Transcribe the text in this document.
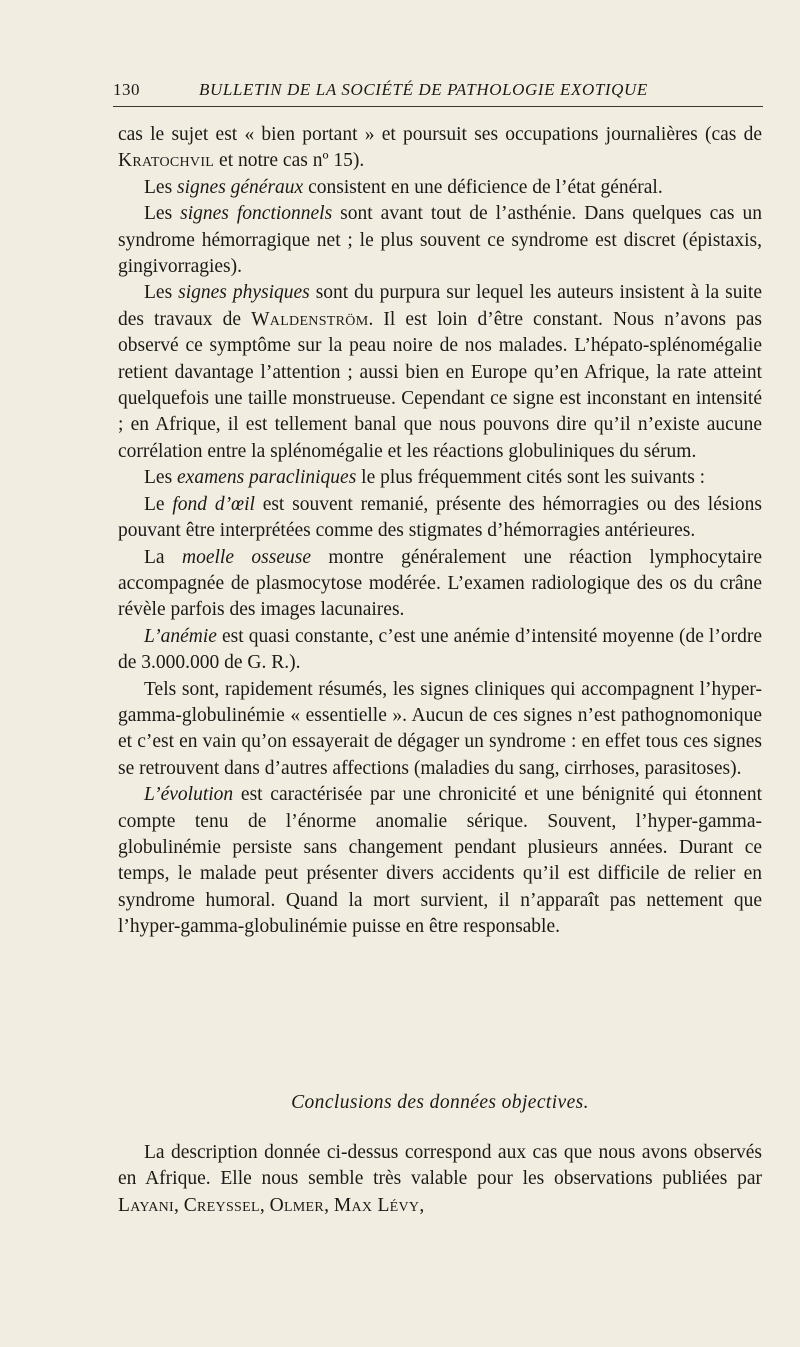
130	BULLETIN DE LA SOCIÉTÉ DE PATHOLOGIE EXOTIQUE

cas le sujet est « bien portant » et poursuit ses occupations journalières (cas de Kratochvil et notre cas nº 15).

Les signes généraux consistent en une déficience de l’état général.

Les signes fonctionnels sont avant tout de l’asthénie. Dans quelques cas un syndrome hémorragique net ; le plus souvent ce syndrome est discret (épistaxis, gingivorragies).

Les signes physiques sont du purpura sur lequel les auteurs insistent à la suite des travaux de Waldenström. Il est loin d’être constant. Nous n’avons pas observé ce symptôme sur la peau noire de nos malades. L’hépato-splénomégalie retient davantage l’attention ; aussi bien en Europe qu’en Afrique, la rate atteint quelquefois une taille monstrueuse. Cependant ce signe est inconstant en intensité ; en Afrique, il est tellement banal que nous pouvons dire qu’il n’existe aucune corrélation entre la splénomégalie et les réactions globuliniques du sérum.

Les examens paracliniques le plus fréquemment cités sont les suivants :

Le fond d’œil est souvent remanié, présente des hémorragies ou des lésions pouvant être interprétées comme des stigmates d’hémorragies antérieures.

La moelle osseuse montre généralement une réaction lymphocytaire accompagnée de plasmocytose modérée. L’examen radiologique des os du crâne révèle parfois des images lacunaires.

L’anémie est quasi constante, c’est une anémie d’intensité moyenne (de l’ordre de 3.000.000 de G. R.).

Tels sont, rapidement résumés, les signes cliniques qui accompagnent l’hyper-gamma-globulinémie « essentielle ». Aucun de ces signes n’est pathognomonique et c’est en vain qu’on essayerait de dégager un syndrome : en effet tous ces signes se retrouvent dans d’autres affections (maladies du sang, cirrhoses, parasitoses).

L’évolution est caractérisée par une chronicité et une bénignité qui étonnent compte tenu de l’énorme anomalie sérique. Souvent, l’hyper-gamma-globulinémie persiste sans changement pendant plusieurs années. Durant ce temps, le malade peut présenter divers accidents qu’il est difficile de relier en syndrome humoral. Quand la mort survient, il n’apparaît pas nettement que l’hyper-gamma-globulinémie puisse en être responsable.

Conclusions des données objectives.

La description donnée ci-dessus correspond aux cas que nous avons observés en Afrique. Elle nous semble très valable pour les observations publiées par Layani, Creyssel, Olmer, Max Lévy,
